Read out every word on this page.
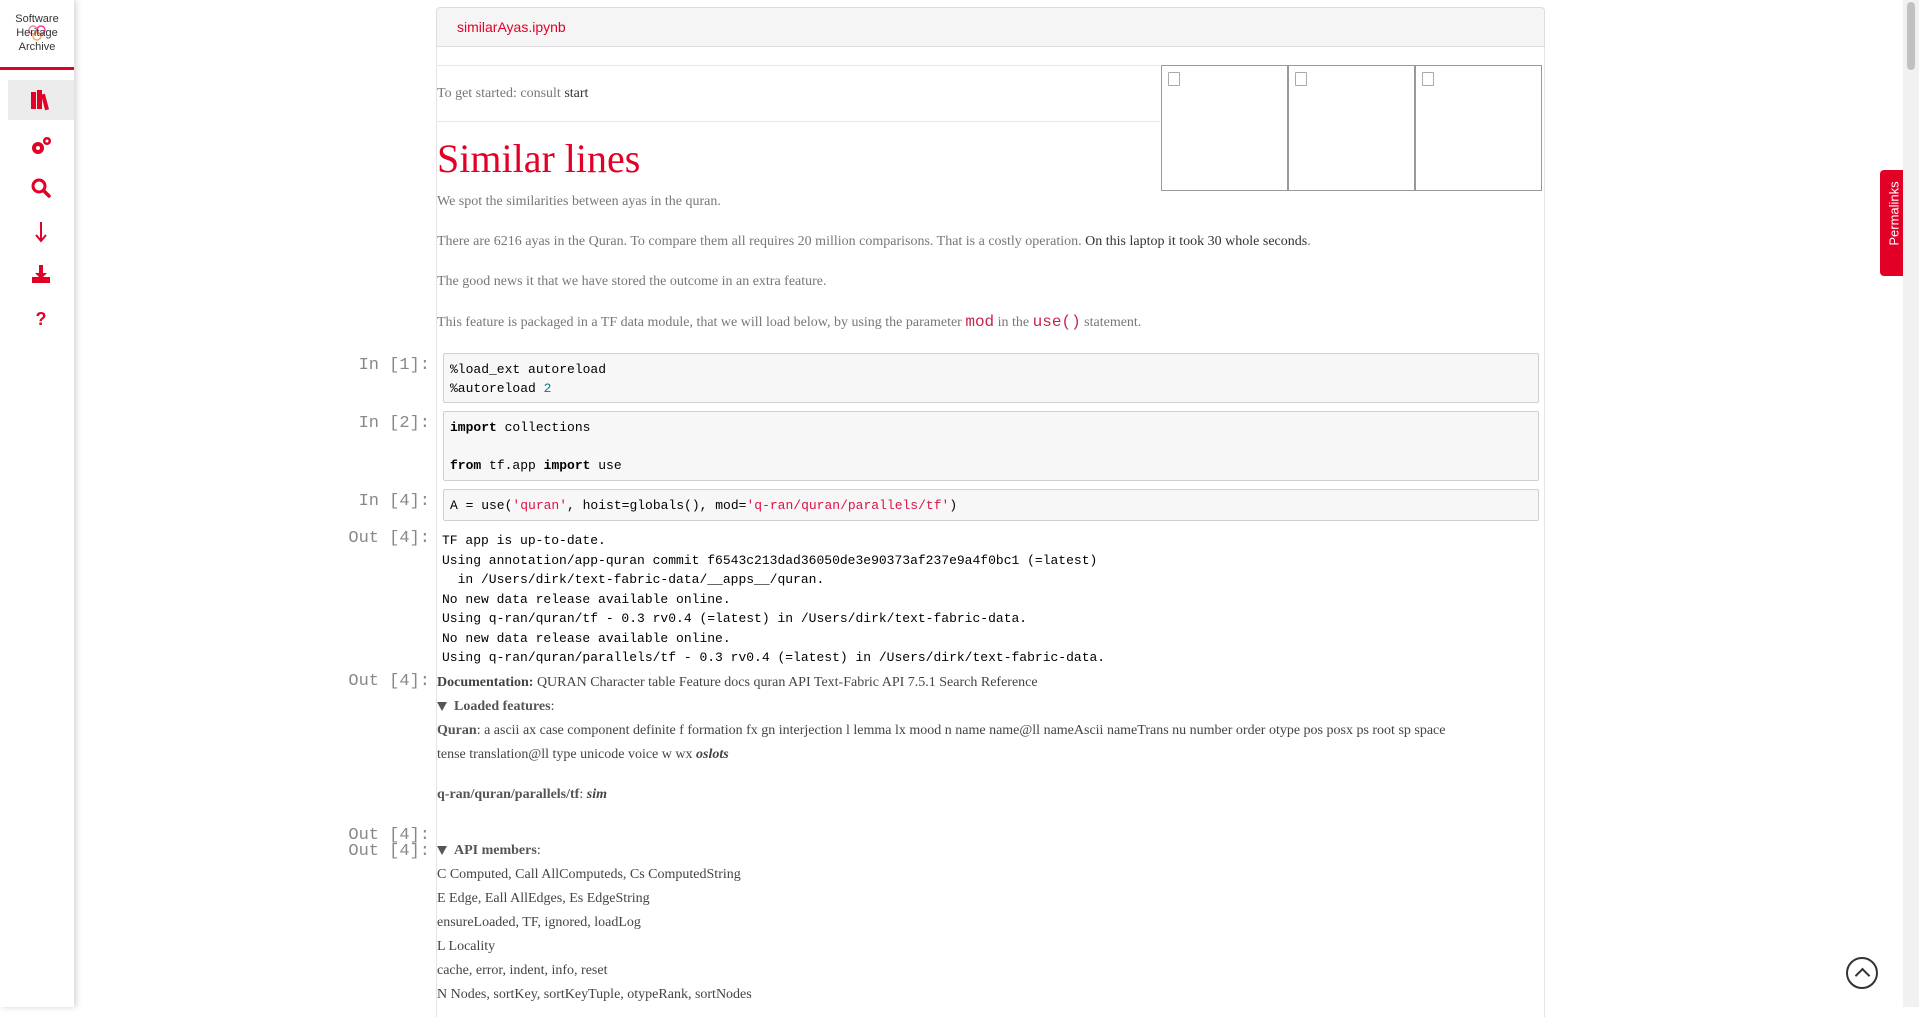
Software
Heritage
Archive
?
similarAyas.ipynb
To get started: consult start
Similar lines
We spot the similarities between ayas in the quran.
There are 6216 ayas in the Quran. To compare them all requires 20 million comparisons. That is a costly operation. On this laptop it took 30 whole seconds.
The good news it that we have stored the outcome in an extra feature.
This feature is packaged in a TF data module, that we will load below, by using the parameter mod in the use() statement.
In [1]:	%load_ext autoreload
%autoreload 2
In [2]:	import collections

from tf.app import use
In [4]:	A = use('quran', hoist=globals(), mod='q-ran/quran/parallels/tf')
Out [4]: TF app is up-to-date.
Using annotation/app-quran commit f6543c213dad36050de3e90373af237e9a4f0bc1 (=latest)
in /Users/dirk/text-fabric-data/__apps__/quran.
No new data release available online.
Using q-ran/quran/tf - 0.3 rv0.4 (=latest) in /Users/dirk/text-fabric-data.
No new data release available online.
Using q-ran/quran/parallels/tf - 0.3 rv0.4 (=latest) in /Users/dirk/text-fabric-data.
Out [4]: Documentation: QURAN Character table Feature docs quran API Text-Fabric API 7.5.1 Search Reference
Loaded features:
Quran: a ascii ax case component definite f formation fx gn interjection l lemma lx mood n name name@ll nameAscii nameTrans nu number order otype pos posx ps root sp space
tense translation@ll type unicode voice w wx oslots
q-ran/quran/parallels/tf: sim
Out [4]:
Out [4]:	API members:
C Computed, Call AllComputeds, Cs ComputedString
E Edge, Eall AllEdges, Es EdgeString
ensureLoaded, TF, ignored, loadLog
L Locality
cache, error, indent, info, reset
N Nodes, sortKey, sortKeyTuple, otypeRank, sortNodes
Permalinks
